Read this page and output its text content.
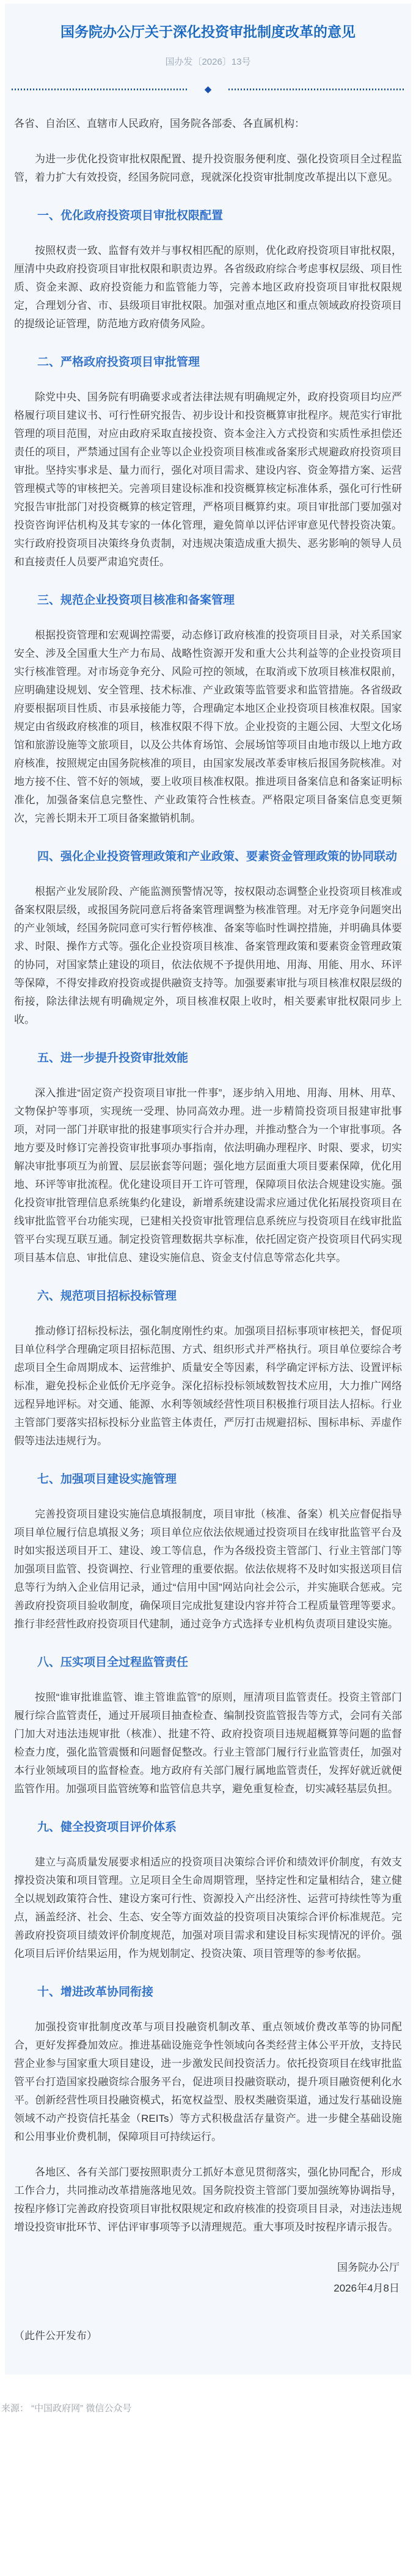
国务院办公厅关于深化投资审批制度改革的意见
国办发〔2026〕13号
◆

各省、自治区、直辖市人民政府，国务院各部委、各直属机构：

为进一步优化投资审批权限配置、提升投资服务便利度、强化投资项目全过程监管，着力扩大有效投资，经国务院同意，现就深化投资审批制度改革提出以下意见。

一、优化政府投资项目审批权限配置

按照权责一致、监督有效并与事权相匹配的原则，优化政府投资项目审批权限，厘清中央政府投资项目审批权限和职责边界。各省级政府综合考虑事权层级、项目性质、资金来源、政府投资能力和监管能力等，完善本地区政府投资项目审批权限规定，合理划分省、市、县级项目审批权限。加强对重点地区和重点领域政府投资项目的提级论证管理，防范地方政府债务风险。

二、严格政府投资项目审批管理

除党中央、国务院有明确要求或者法律法规有明确规定外，政府投资项目均应严格履行项目建议书、可行性研究报告、初步设计和投资概算审批程序。规范实行审批管理的项目范围，对应由政府采取直接投资、资本金注入方式投资和实质性承担偿还责任的项目，严禁通过国有企业等以企业投资项目核准或备案形式规避政府投资项目审批。坚持实事求是、量力而行，强化对项目需求、建设内容、资金筹措方案、运营管理模式等的审核把关。完善项目建设标准和投资概算核定标准体系，强化可行性研究报告审批部门对投资概算的核定管理，严格项目概算约束。项目审批部门要加强对投资咨询评估机构及其专家的一体化管理，避免简单以评估评审意见代替投资决策。实行政府投资项目决策终身负责制，对违规决策造成重大损失、恶劣影响的领导人员和直接责任人员要严肃追究责任。

三、规范企业投资项目核准和备案管理

根据投资管理和宏观调控需要，动态修订政府核准的投资项目目录，对关系国家安全、涉及全国重大生产力布局、战略性资源开发和重大公共利益等的企业投资项目实行核准管理。对市场竞争充分、风险可控的领域，在取消或下放项目核准权限前，应明确建设规划、安全管理、技术标准、产业政策等监管要求和监管措施。各省级政府要根据项目性质、市县承接能力等，合理确定本地区企业投资项目核准权限。国家规定由省级政府核准的项目，核准权限不得下放。企业投资的主题公园、大型文化场馆和旅游设施等文旅项目，以及公共体育场馆、会展场馆等项目由地市级以上地方政府核准，按照规定由国务院核准的项目，由国家发展改革委审核后报国务院核准。对地方接不住、管不好的领域，要上收项目核准权限。推进项目备案信息和备案证明标准化，加强备案信息完整性、产业政策符合性核查。严格限定项目备案信息变更频次，完善长期未开工项目备案撤销机制。

四、强化企业投资管理政策和产业政策、要素资金管理政策的协同联动

根据产业发展阶段、产能监测预警情况等，按权限动态调整企业投资项目核准或备案权限层级，或报国务院同意后将备案管理调整为核准管理。对无序竞争问题突出的产业领域，经国务院同意可实行暂停核准、备案等临时性调控措施，并明确具体要求、时限、操作方式等。强化企业投资项目核准、备案管理政策和要素资金管理政策的协同，对国家禁止建设的项目，依法依规不予提供用地、用海、用能、用水、环评等保障，不得安排政府投资或提供融资支持等。加强要素审批与项目核准权限层级的衔接，除法律法规有明确规定外，项目核准权限上收时，相关要素审批权限同步上收。

五、进一步提升投资审批效能

深入推进“固定资产投资项目审批一件事”，逐步纳入用地、用海、用林、用草、文物保护等事项，实现统一受理、协同高效办理。进一步精简投资项目报建审批事项，对同一部门并联审批的报建事项实行合并办理，并推动整合为一个审批事项。各地方要及时修订完善投资审批事项办事指南，依法明确办理程序、时限、要求，切实解决审批事项互为前置、层层嵌套等问题；强化地方层面重大项目要素保障，优化用地、环评等审批流程。优化建设项目开工许可管理，保障项目依法合规建设实施。强化投资审批管理信息系统集约化建设，新增系统建设需求应通过优化拓展投资项目在线审批监管平台功能实现，已建相关投资审批管理信息系统应与投资项目在线审批监管平台实现互联互通。制定投资管理数据共享标准，依托固定资产投资项目代码实现项目基本信息、审批信息、建设实施信息、资金支付信息等常态化共享。

六、规范项目招标投标管理

推动修订招标投标法，强化制度刚性约束。加强项目招标事项审核把关，督促项目单位科学合理确定项目招标范围、方式、组织形式并严格执行。项目单位要综合考虑项目全生命周期成本、运营维护、质量安全等因素，科学确定评标方法、设置评标标准，避免投标企业低价无序竞争。深化招标投标领域数智技术应用，大力推广网络远程异地评标。对交通、能源、水利等领域经营性项目积极推行项目法人招标。行业主管部门要落实招标投标分业监管主体责任，严厉打击规避招标、围标串标、弄虚作假等违法违规行为。

七、加强项目建设实施管理

完善投资项目建设实施信息填报制度，项目审批（核准、备案）机关应督促指导项目单位履行信息填报义务；项目单位应依法依规通过投资项目在线审批监管平台及时如实报送项目开工、建设、竣工等信息，作为各级投资主管部门、行业主管部门等加强项目监管、投资调控、行业管理的重要依据。依法依规将不及时如实报送项目信息等行为纳入企业信用记录，通过“信用中国”网站向社会公示，并实施联合惩戒。完善政府投资项目验收制度，确保项目完成批复建设内容并符合工程质量管理等要求。推行非经营性政府投资项目代建制，通过竞争方式选择专业机构负责项目建设实施。

八、压实项目全过程监管责任

按照“谁审批谁监管、谁主管谁监管”的原则，厘清项目监管责任。投资主管部门履行综合监管责任，通过开展项目抽查检查、编制投资监管报告等方式，会同有关部门加大对违法违规审批（核准）、批建不符、政府投资项目违规超概算等问题的监督检查力度，强化监管震慑和问题督促整改。行业主管部门履行行业监管责任，加强对本行业领域项目的监督检查。地方政府有关部门履行属地监管责任，发挥好就近就便监管作用。加强项目监管统筹和监管信息共享，避免重复检查，切实减轻基层负担。

九、健全投资项目评价体系

建立与高质量发展要求相适应的投资项目决策综合评价和绩效评价制度，有效支撑投资决策和项目管理。立足项目全生命周期管理，坚持定性和定量相结合，建立健全以规划政策符合性、建设方案可行性、资源投入产出经济性、运营可持续性等为重点，涵盖经济、社会、生态、安全等方面效益的投资项目决策综合评价标准规范。完善政府投资项目绩效评价制度规范，加强对项目需求和建设目标实现情况的评价。强化项目后评价结果运用，作为规划制定、投资决策、项目管理等的参考依据。

十、增进改革协同衔接

加强投资审批制度改革与项目投融资机制改革、重点领域价费改革等的协同配合，更好发挥叠加效应。推进基础设施竞争性领域向各类经营主体公平开放，支持民营企业参与国家重大项目建设，进一步激发民间投资活力。依托投资项目在线审批监管平台打造国家投融资综合服务平台，促进项目投融资联动，提升项目融资便利化水平。创新经营性项目投融资模式，拓宽权益型、股权类融资渠道，通过发行基础设施领域不动产投资信托基金（REITs）等方式积极盘活存量资产。进一步健全基础设施和公用事业价费机制，保障项目可持续运行。

各地区、各有关部门要按照职责分工抓好本意见贯彻落实，强化协同配合，形成工作合力，共同推动改革措施落地见效。国务院投资主管部门要加强统筹协调指导，按程序修订完善政府投资项目审批权限规定和政府核准的投资项目目录，对违法违规增设投资审批环节、评估评审事项等予以清理规范。重大事项及时按程序请示报告。

国务院办公厅
2026年4月8日

（此件公开发布）

来源： “中国政府网” 微信公众号
